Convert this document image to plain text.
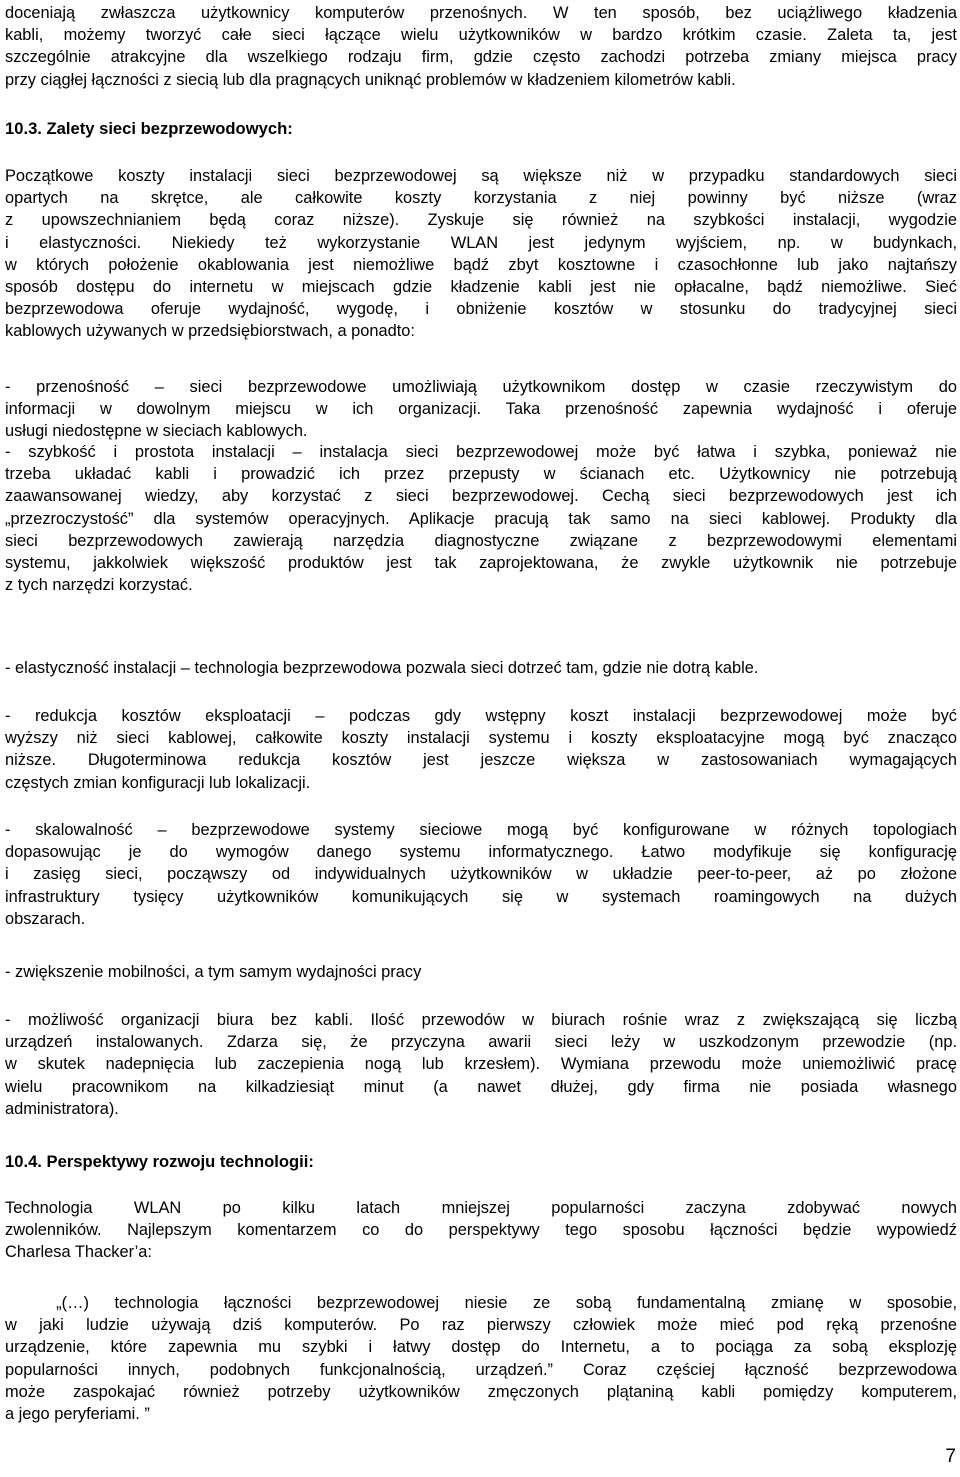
doceniają zwłaszcza użytkownicy komputerów przenośnych. W ten sposób, bez uciążliwego kładzenia
kabli, możemy tworzyć całe sieci łączące wielu użytkowników w bardzo krótkim czasie. Zaleta ta, jest
szczególnie atrakcyjne dla wszelkiego rodzaju firm, gdzie często zachodzi potrzeba zmiany miejsca pracy
przy ciągłej łączności z siecią lub dla pragnących uniknąć problemów w kładzeniem kilometrów kabli.
10.3. Zalety sieci bezprzewodowych:
Początkowe koszty instalacji sieci bezprzewodowej są większe niż w przypadku standardowych sieci
opartych na skrętce, ale całkowite koszty korzystania z niej powinny być niższe (wraz
z upowszechnianiem będą coraz niższe). Zyskuje się również na szybkości instalacji, wygodzie
i elastyczności. Niekiedy też wykorzystanie WLAN jest jedynym wyjściem, np. w budynkach,
w których położenie okablowania jest niemożliwe bądź zbyt kosztowne i czasochłonne lub jako najtańszy
sposób dostępu do internetu w miejscach gdzie kładzenie kabli jest nie opłacalne, bądź niemożliwe. Sieć
bezprzewodowa oferuje wydajność, wygodę, i obniżenie kosztów w stosunku do tradycyjnej sieci
kablowych używanych w przedsiębiorstwach, a ponadto:
- przenośność – sieci bezprzewodowe umożliwiają użytkownikom dostęp w czasie rzeczywistym do
informacji w dowolnym miejscu w ich organizacji. Taka przenośność zapewnia wydajność i oferuje
usługi niedostępne w sieciach kablowych.
- szybkość i prostota instalacji – instalacja sieci bezprzewodowej może być łatwa i szybka, ponieważ nie
trzeba układać kabli i prowadzić ich przez przepusty w ścianach etc. Użytkownicy nie potrzebują
zaawansowanej wiedzy, aby korzystać z sieci bezprzewodowej. Cechą sieci bezprzewodowych jest ich
„przezroczystość” dla systemów operacyjnych. Aplikacje pracują tak samo na sieci kablowej. Produkty dla
sieci bezprzewodowych zawierają narzędzia diagnostyczne związane z bezprzewodowymi elementami
systemu, jakkolwiek większość produktów jest tak zaprojektowana, że zwykle użytkownik nie potrzebuje
z tych narzędzi korzystać.
- elastyczność instalacji – technologia bezprzewodowa pozwala sieci dotrzeć tam, gdzie nie dotrą kable.
- redukcja kosztów eksploatacji – podczas gdy wstępny koszt instalacji bezprzewodowej może być
wyższy niż sieci kablowej, całkowite koszty instalacji systemu i koszty eksploatacyjne mogą być znacząco
niższe. Długoterminowa redukcja kosztów jest jeszcze większa w zastosowaniach wymagających
częstych zmian konfiguracji lub lokalizacji.
- skalowalność – bezprzewodowe systemy sieciowe mogą być konfigurowane w różnych topologiach
dopasowując je do wymogów danego systemu informatycznego. Łatwo modyfikuje się konfigurację
i zasięg sieci, począwszy od indywidualnych użytkowników w układzie peer-to-peer, aż po złożone
infrastruktury tysięcy użytkowników komunikujących się w systemach roamingowych na dużych
obszarach.
- zwiększenie mobilności, a tym samym wydajności pracy
- możliwość organizacji biura bez kabli. Ilość przewodów w biurach rośnie wraz z zwiększającą się liczbą
urządzeń instalowanych. Zdarza się, że przyczyna awarii sieci leży w uszkodzonym przewodzie (np.
w skutek nadepnięcia lub zaczepienia nogą lub krzesłem). Wymiana przewodu może uniemożliwić pracę
wielu pracownikom na kilkadziesiąt minut (a nawet dłużej, gdy firma nie posiada własnego
administratora).
10.4. Perspektywy rozwoju technologii:
Technologia WLAN po kilku latach mniejszej popularności zaczyna zdobywać nowych
zwolenników. Najlepszym komentarzem co do perspektywy tego sposobu łączności będzie wypowiedź
Charlesa Thacker’a:
„(…) technologia łączności bezprzewodowej niesie ze sobą fundamentalną zmianę w sposobie,
w jaki ludzie używają dziś komputerów. Po raz pierwszy człowiek może mieć pod ręką przenośne
urządzenie, które zapewnia mu szybki i łatwy dostęp do Internetu, a to pociąga za sobą eksplozję
popularności innych, podobnych funkcjonalnością, urządzeń.” Coraz częściej łączność bezprzewodowa
może zaspokajać również potrzeby użytkowników zmęczonych plątaniną kabli pomiędzy komputerem,
a jego peryferiami. ”
7
